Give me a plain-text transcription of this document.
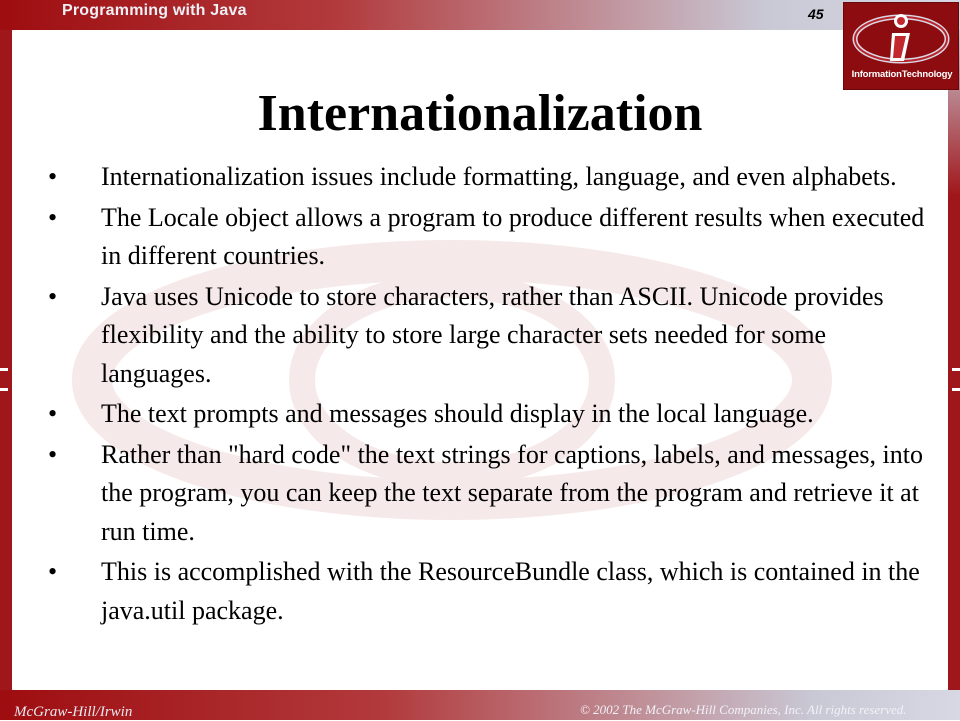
Programming with Java	45
InformationTechnology
Internationalization
•	Internationalization issues include formatting, language, and even alphabets.
•	The Locale object allows a program to produce different results when executed in different countries.
•	Java uses Unicode to store characters, rather than ASCII. Unicode provides flexibility and the ability to store large character sets needed for some languages.
•	The text prompts and messages should display in the local language.
•	Rather than "hard code" the text strings for captions, labels, and messages, into the program, you can keep the text separate from the program and retrieve it at run time.
•	This is accomplished with the ResourceBundle class, which is contained in the java.util package.
McGraw-Hill/Irwin	© 2002 The McGraw-Hill Companies, Inc. All rights reserved.
